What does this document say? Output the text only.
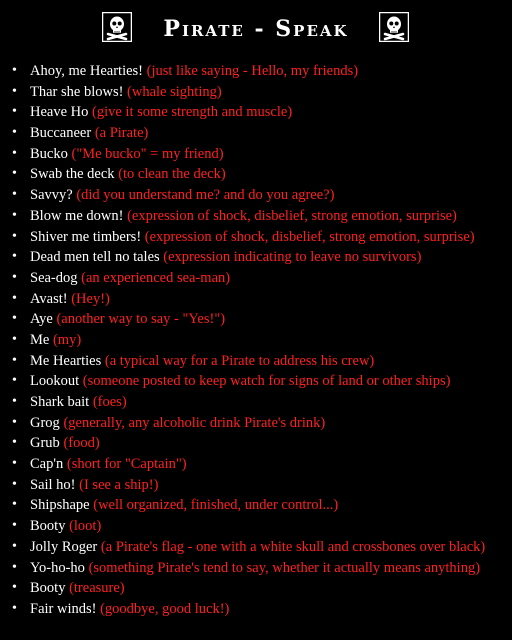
Pirate - Speak
• Ahoy, me Hearties! (just like saying - Hello, my friends)
• Thar she blows! (whale sighting)
• Heave Ho (give it some strength and muscle)
• Buccaneer (a Pirate)
• Bucko ("Me bucko" = my friend)
• Swab the deck (to clean the deck)
• Savvy? (did you understand me? and do you agree?)
• Blow me down! (expression of shock, disbelief, strong emotion, surprise)
• Shiver me timbers! (expression of shock, disbelief, strong emotion, surprise)
• Dead men tell no tales (expression indicating to leave no survivors)
• Sea-dog (an experienced sea-man)
• Avast! (Hey!)
• Aye (another way to say - "Yes!")
• Me (my)
• Me Hearties (a typical way for a Pirate to address his crew)
• Lookout (someone posted to keep watch for signs of land or other ships)
• Shark bait (foes)
• Grog (generally, any alcoholic drink Pirate's drink)
• Grub (food)
• Cap'n (short for "Captain")
• Sail ho! (I see a ship!)
• Shipshape (well organized, finished, under control...)
• Booty (loot)
• Jolly Roger (a Pirate's flag - one with a white skull and crossbones over black)
• Yo-ho-ho (something Pirate's tend to say, whether it actually means anything)
• Booty (treasure)
• Fair winds! (goodbye, good luck!)
